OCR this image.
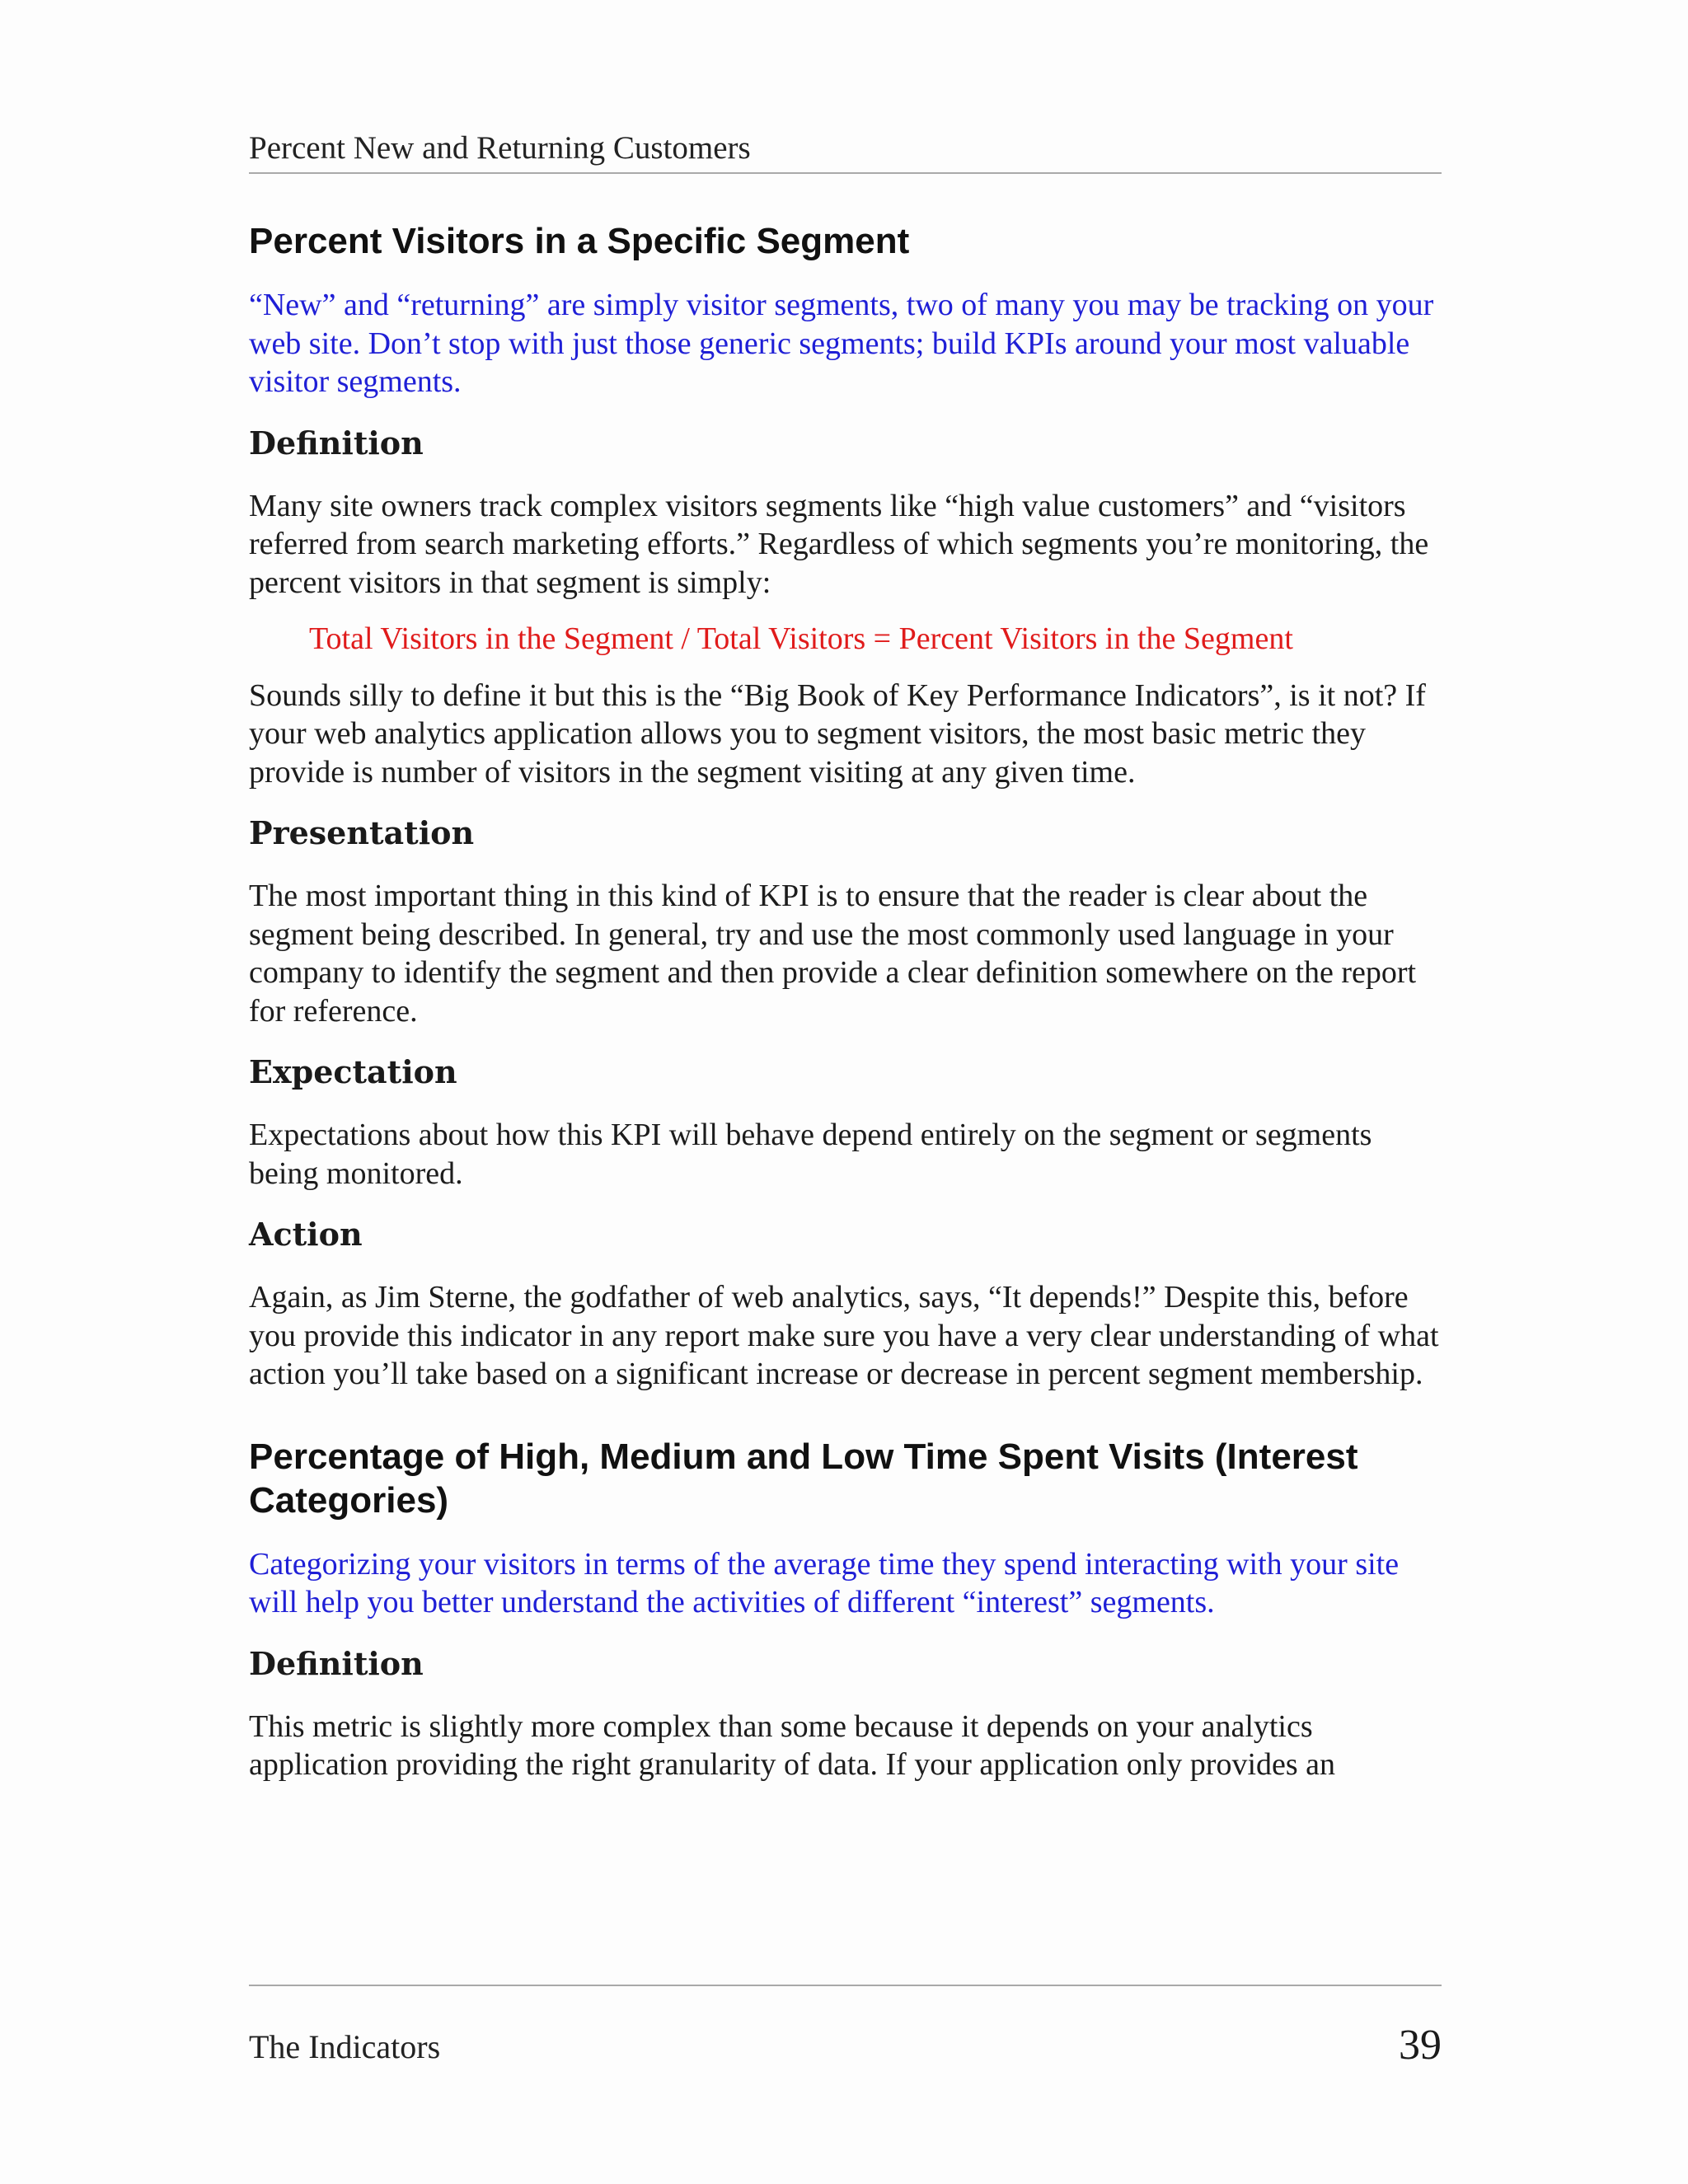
Percent New and Returning Customers
Percent Visitors in a Specific Segment

“New” and “returning” are simply visitor segments, two of many you may be tracking on your web site. Don’t stop with just those generic segments; build KPIs around your most valuable visitor segments.

Definition

Many site owners track complex visitors segments like “high value customers” and “visitors referred from search marketing efforts.” Regardless of which segments you’re monitoring, the percent visitors in that segment is simply:

Total Visitors in the Segment / Total Visitors = Percent Visitors in the Segment

Sounds silly to define it but this is the “Big Book of Key Performance Indicators”, is it not? If your web analytics application allows you to segment visitors, the most basic metric they provide is number of visitors in the segment visiting at any given time.

Presentation

The most important thing in this kind of KPI is to ensure that the reader is clear about the segment being described. In general, try and use the most commonly used language in your company to identify the segment and then provide a clear definition somewhere on the report for reference.

Expectation

Expectations about how this KPI will behave depend entirely on the segment or segments being monitored.

Action

Again, as Jim Sterne, the godfather of web analytics, says, “It depends!” Despite this, before you provide this indicator in any report make sure you have a very clear understanding of what action you’ll take based on a significant increase or decrease in percent segment membership.

Percentage of High, Medium and Low Time Spent Visits (Interest Categories)

Categorizing your visitors in terms of the average time they spend interacting with your site will help you better understand the activities of different “interest” segments.

Definition

This metric is slightly more complex than some because it depends on your analytics application providing the right granularity of data. If your application only provides an

The Indicators	39
